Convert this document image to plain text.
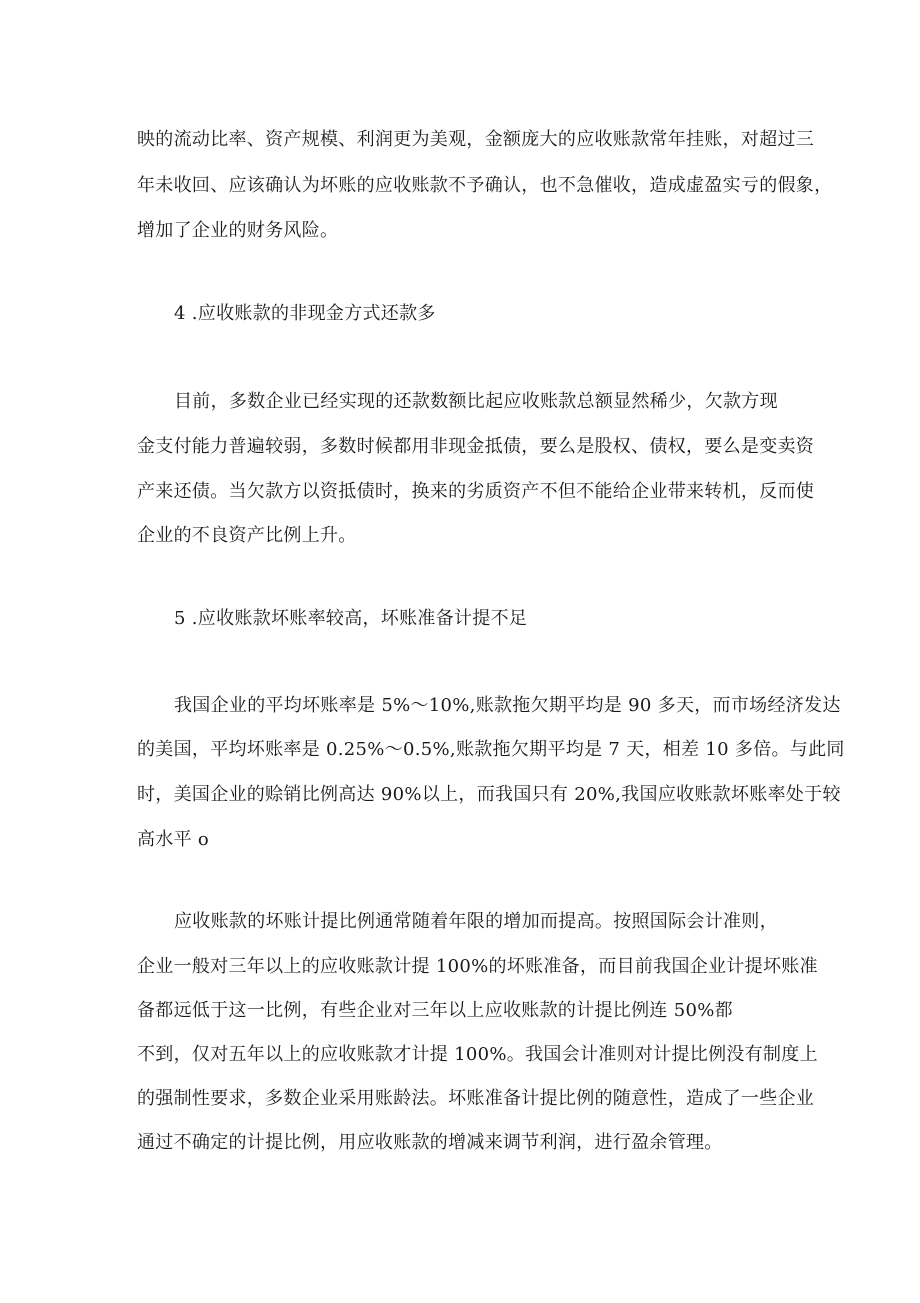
映的流动比率、资产规模、利润更为美观，金额庞大的应收账款常年挂账，对超过三
年未收回、应该确认为坏账的应收账款不予确认，也不急催收，造成虚盈实亏的假象，
增加了企业的财务风险。
4 .应收账款的非现金方式还款多
目前，多数企业已经实现的还款数额比起应收账款总额显然稀少，欠款方现
金支付能力普遍较弱，多数时候都用非现金抵债，要么是股权、债权，要么是变卖资
产来还债。当欠款方以资抵债时，换来的劣质资产不但不能给企业带来转机，反而使
企业的不良资产比例上升。
5 .应收账款坏账率较高，坏账准备计提不足
我国企业的平均坏账率是 5%〜10%,账款拖欠期平均是 90 多天，而市场经济发达
的美国，平均坏账率是 0.25%〜0.5%,账款拖欠期平均是 7 天，相差 10 多倍。与此同
时，美国企业的赊销比例高达 90%以上，而我国只有 20%,我国应收账款坏账率处于较
高水平 o
应收账款的坏账计提比例通常随着年限的增加而提高。按照国际会计准则，
企业一般对三年以上的应收账款计提 100%的坏账准备，而目前我国企业计提坏账准
备都远低于这一比例，有些企业对三年以上应收账款的计提比例连 50%都
不到，仅对五年以上的应收账款才计提 100%。我国会计准则对计提比例没有制度上
的强制性要求，多数企业采用账龄法。坏账准备计提比例的随意性，造成了一些企业
通过不确定的计提比例，用应收账款的增减来调节利润，进行盈余管理。
